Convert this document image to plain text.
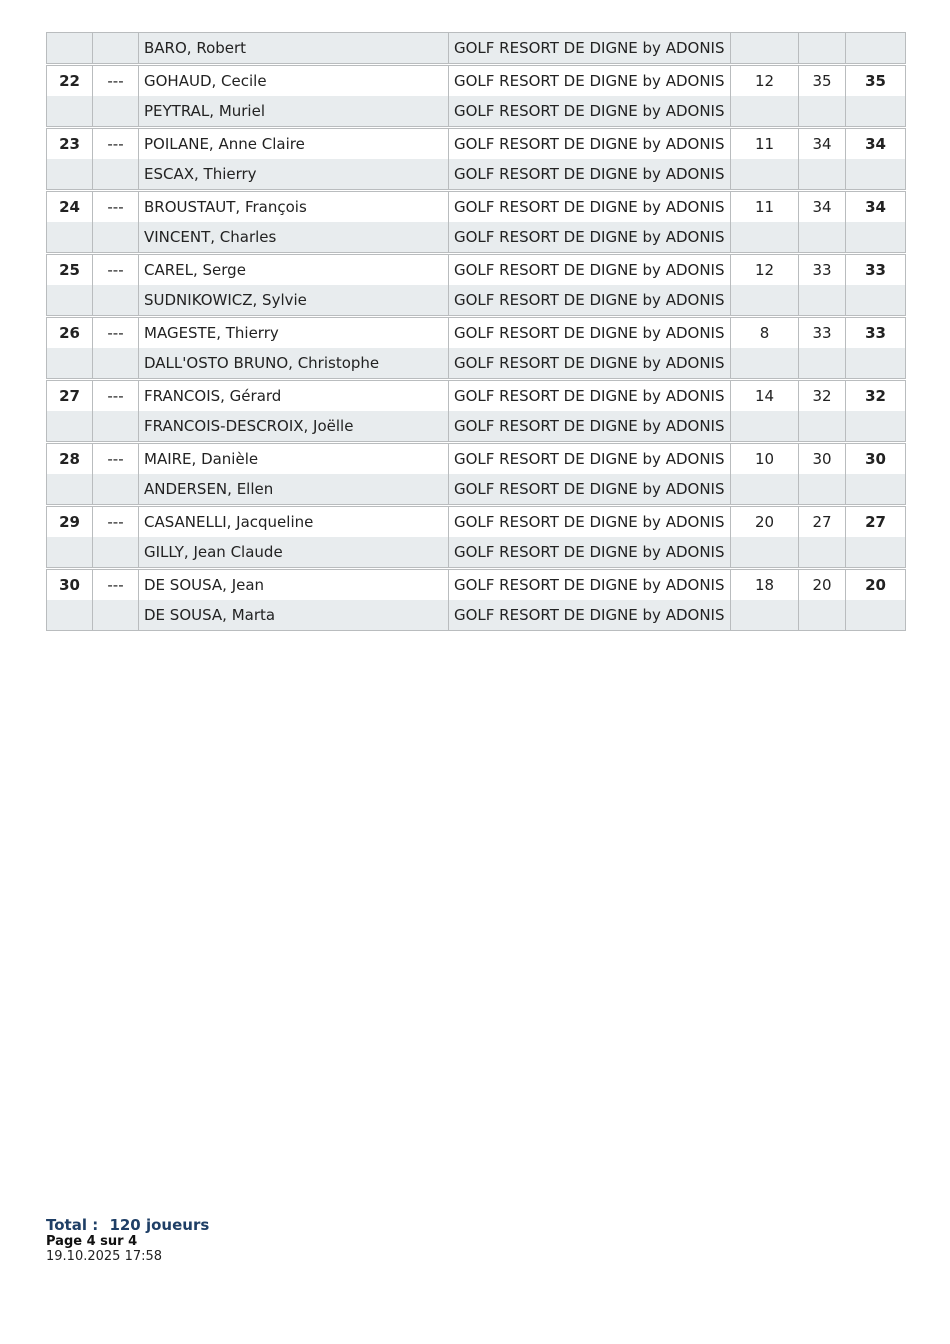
		BARO, Robert	GOLF RESORT DE DIGNE by ADONIS			
22	---	GOHAUD, Cecile	GOLF RESORT DE DIGNE by ADONIS	12	35	35
		PEYTRAL, Muriel	GOLF RESORT DE DIGNE by ADONIS			
23	---	POILANE, Anne Claire	GOLF RESORT DE DIGNE by ADONIS	11	34	34
		ESCAX, Thierry	GOLF RESORT DE DIGNE by ADONIS			
24	---	BROUSTAUT, François	GOLF RESORT DE DIGNE by ADONIS	11	34	34
		VINCENT, Charles	GOLF RESORT DE DIGNE by ADONIS			
25	---	CAREL, Serge	GOLF RESORT DE DIGNE by ADONIS	12	33	33
		SUDNIKOWICZ, Sylvie	GOLF RESORT DE DIGNE by ADONIS			
26	---	MAGESTE, Thierry	GOLF RESORT DE DIGNE by ADONIS	8	33	33
		DALL'OSTO BRUNO, Christophe	GOLF RESORT DE DIGNE by ADONIS			
27	---	FRANCOIS, Gérard	GOLF RESORT DE DIGNE by ADONIS	14	32	32
		FRANCOIS-DESCROIX, Joëlle	GOLF RESORT DE DIGNE by ADONIS			
28	---	MAIRE, Danièle	GOLF RESORT DE DIGNE by ADONIS	10	30	30
		ANDERSEN, Ellen	GOLF RESORT DE DIGNE by ADONIS			
29	---	CASANELLI, Jacqueline	GOLF RESORT DE DIGNE by ADONIS	20	27	27
		GILLY, Jean Claude	GOLF RESORT DE DIGNE by ADONIS			
30	---	DE SOUSA, Jean	GOLF RESORT DE DIGNE by ADONIS	18	20	20
		DE SOUSA, Marta	GOLF RESORT DE DIGNE by ADONIS			
Total : 120 joueurs
Page 4 sur 4
19.10.2025 17:58
